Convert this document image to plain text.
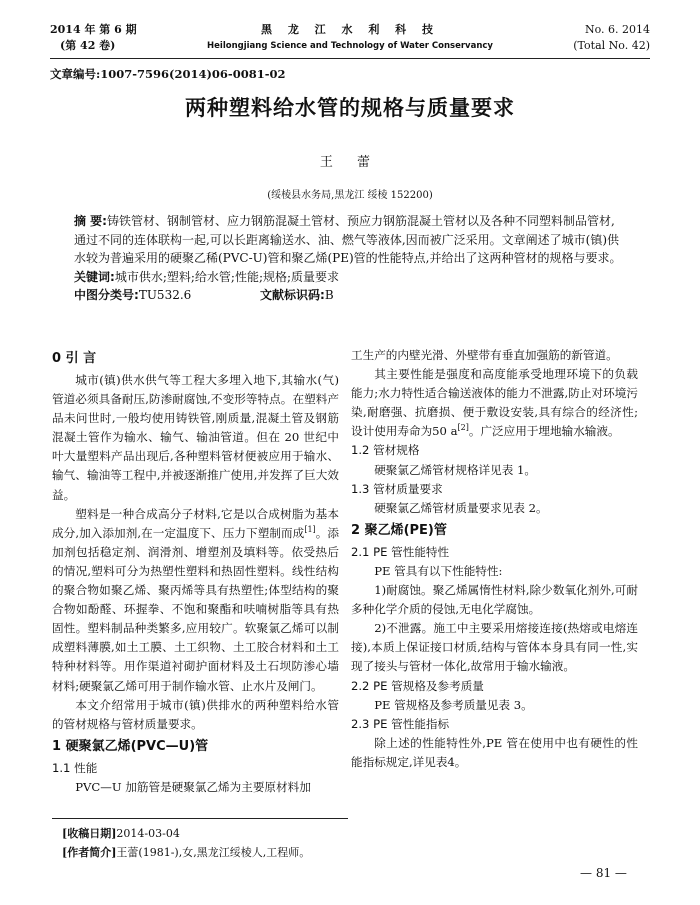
2014 年 第 6 期
(第 42 卷)
黑 龙 江 水 利 科 技
Heilongjiang Science and Technology of Water Conservancy
No. 6. 2014
(Total No. 42)
文章编号:1007-7596(2014)06-0081-02
两种塑料给水管的规格与质量要求
王 蕾
(绥棱县水务局,黑龙江 绥棱 152200)

摘 要:铸铁管材、钢制管材、应力钢筋混凝土管材、预应力钢筋混凝土管材以及各种不同塑料制品管材,通过不同的连体联构一起,可以长距离输送水、油、燃气等液体,因而被广泛采用。文章阐述了城市(镇)供水较为普遍采用的硬聚乙稀(PVC-U)管和聚乙烯(PE)管的性能特点,并给出了这两种管材的规格与要求。

关键词:城市供水;塑料;给水管;性能;规格;质量要求

中图分类号:TU532.6	文献标识码:B

0 引 言

城市(镇)供水供气等工程大多埋入地下,其输水(气)管道必须具备耐压,防渗耐腐蚀,不变形等特点。在塑料产品未问世时,一般均使用铸铁管,刚质量,混凝土管及钢筋混凝土管作为输水、输气、输油管道。但在 20 世纪中叶大量塑料产品出现后,各种塑料管材便被应用于输水、输气、输油等工程中,并被逐渐推广使用,并发挥了巨大效益。

塑料是一种合成高分子材料,它是以合成树脂为基本成分,加入添加剂,在一定温度下、压力下塑制而成[1]。添加剂包括稳定剂、润滑剂、增塑剂及填料等。依受热后的情况,塑料可分为热塑性塑料和热固性塑料。线性结构的聚合物如聚乙烯、聚丙烯等具有热塑性;体型结构的聚合物如酚醛、环握拳、不饱和聚酯和呋喃树脂等具有热固性。塑料制品种类繁多,应用较广。软聚氯乙烯可以制成塑料薄膜,如土工膜、土工织物、土工胶合材料和土工特种材料等。用作渠道衬砌护面材料及土石坝防渗心墙材料;硬聚氯乙烯可用于制作输水管、止水片及闸门。

本文介绍常用于城市(镇)供排水的两种塑料给水管的管材规格与管材质量要求。

1 硬聚氯乙烯(PVC—U)管

1.1 性能

PVC—U 加筋管是硬聚氯乙烯为主要原材料加

工生产的内壁光滑、外壁带有垂直加强筋的新管道。

其主要性能是强度和高度能承受地理环境下的负载能力;水力特性适合输送液体的能力不泄露,防止对环境污染,耐磨强、抗磨损、便于敷设安装,具有综合的经济性;设计使用寿命为50 a[2]。广泛应用于埋地输水输液。

1.2 管材规格

硬聚氯乙烯管材规格详见表 1。

1.3 管材质量要求

硬聚氯乙烯管材质量要求见表 2。

2 聚乙烯(PE)管

2.1 PE 管性能特性

PE 管具有以下性能特性:

1)耐腐蚀。聚乙烯属惰性材料,除少数氧化剂外,可耐多种化学介质的侵蚀,无电化学腐蚀。

2)不泄露。施工中主要采用熔接连接(热熔或电熔连接),本质上保证接口材质,结构与管体本身具有同一性,实现了接头与管材一体化,故常用于输水输液。

2.2 PE 管规格及参考质量

PE 管规格及参考质量见表 3。

2.3 PE 管性能指标

除上述的性能特性外,PE 管在使用中也有硬性的性能指标规定,详见表4。

[收稿日期]2014-03-04
[作者简介]王蕾(1981-),女,黑龙江绥棱人,工程师。
— 81 —
